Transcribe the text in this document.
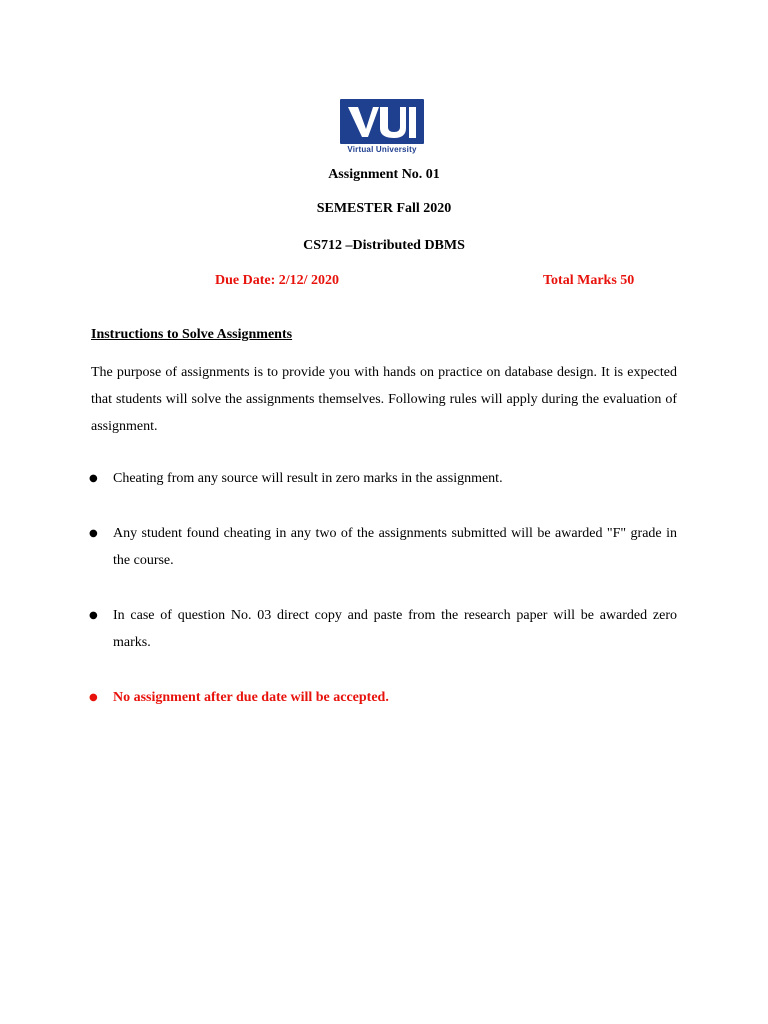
Virtual University
Assignment No. 01
SEMESTER Fall 2020
CS712 –Distributed DBMS
Due Date: 2/12/ 2020	Total Marks 50
Instructions to Solve Assignments
The purpose of assignments is to provide you with hands on practice on database design. It is expected that students will solve the assignments themselves. Following rules will apply during the evaluation of assignment.
●	Cheating from any source will result in zero marks in the assignment.
●	Any student found cheating in any two of the assignments submitted will be awarded "F" grade in the course.
●	In case of question No. 03 direct copy and paste from the research paper will be awarded zero marks.
●	No assignment after due date will be accepted.
